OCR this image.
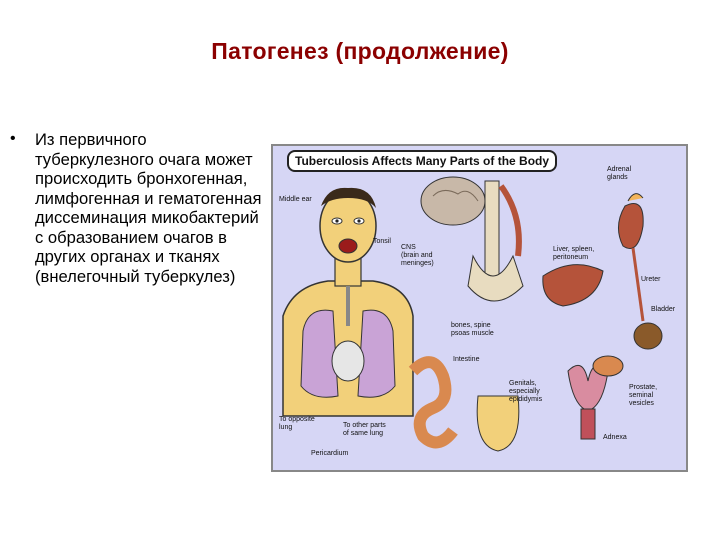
Патогенез (продолжение)
• Из первичного туберкулезного очага может происходить бронхогенная, лимфогенная и гематогенная диссеминация микобактерий с образованием очагов в других органах и тканях (внелегочный туберкулез)
Tuberculosis Affects Many Parts of the Body
Middle ear
Tonsil
CNS
(brain and
meninges)
Adrenal
glands
Liver, spleen,
peritoneum
Ureter
Bladder
bones, spine
psoas muscle
Intestine
Genitals,
especially
epididymis
Prostate,
seminal
vesicles
Adnexa
To opposite
lung	To other parts
of same lung
Pericardium
